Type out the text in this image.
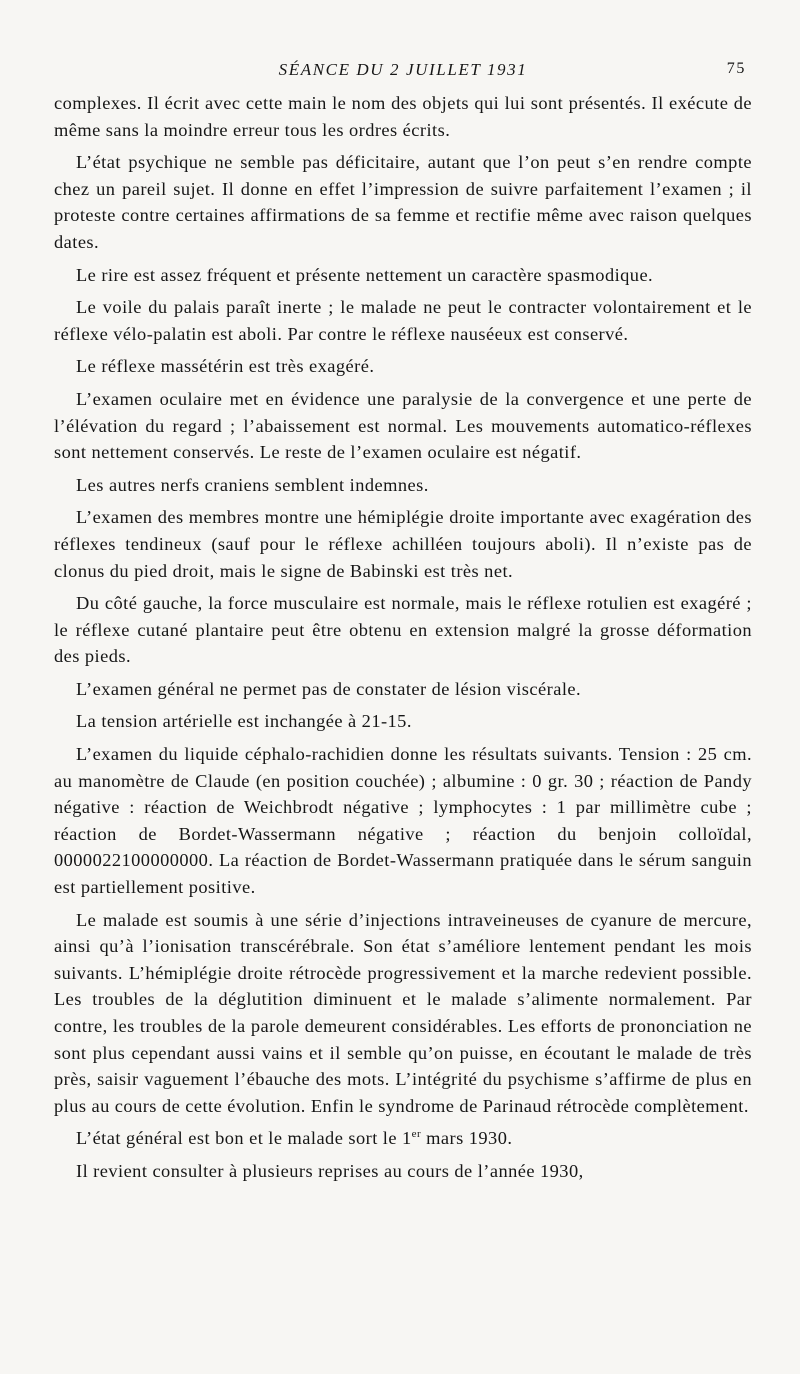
SÉANCE DU 2 JUILLET 1931	75

complexes. Il écrit avec cette main le nom des objets qui lui sont présentés. Il exécute de même sans la moindre erreur tous les ordres écrits.

L’état psychique ne semble pas déficitaire, autant que l’on peut s’en rendre compte chez un pareil sujet. Il donne en effet l’impression de suivre parfaitement l’examen ; il proteste contre certaines affirmations de sa femme et rectifie même avec raison quelques dates.

Le rire est assez fréquent et présente nettement un caractère spasmodique.

Le voile du palais paraît inerte ; le malade ne peut le contracter volontairement et le réflexe vélo-palatin est aboli. Par contre le réflexe nauséeux est conservé.

Le réflexe massétérin est très exagéré.

L’examen oculaire met en évidence une paralysie de la convergence et une perte de l’élévation du regard ; l’abaissement est normal. Les mouvements automatico-réflexes sont nettement conservés. Le reste de l’examen oculaire est négatif.

Les autres nerfs craniens semblent indemnes.

L’examen des membres montre une hémiplégie droite importante avec exagération des réflexes tendineux (sauf pour le réflexe achilléen toujours aboli). Il n’existe pas de clonus du pied droit, mais le signe de Babinski est très net.

Du côté gauche, la force musculaire est normale, mais le réflexe rotulien est exagéré ; le réflexe cutané plantaire peut être obtenu en extension malgré la grosse déformation des pieds.

L’examen général ne permet pas de constater de lésion viscérale.

La tension artérielle est inchangée à 21-15.

L’examen du liquide céphalo-rachidien donne les résultats suivants. Tension : 25 cm. au manomètre de Claude (en position couchée) ; albumine : 0 gr. 30 ; réaction de Pandy négative : réaction de Weichbrodt négative ; lymphocytes : 1 par millimètre cube ; réaction de Bordet-Wassermann négative ; réaction du benjoin colloïdal, 0000022100000000. La réaction de Bordet-Wassermann pratiquée dans le sérum sanguin est partiellement positive.

Le malade est soumis à une série d’injections intraveineuses de cyanure de mercure, ainsi qu’à l’ionisation transcérébrale. Son état s’améliore lentement pendant les mois suivants. L’hémiplégie droite rétrocède progressivement et la marche redevient possible. Les troubles de la déglutition diminuent et le malade s’alimente normalement. Par contre, les troubles de la parole demeurent considérables. Les efforts de prononciation ne sont plus cependant aussi vains et il semble qu’on puisse, en écoutant le malade de très près, saisir vaguement l’ébauche des mots. L’intégrité du psychisme s’affirme de plus en plus au cours de cette évolution. Enfin le syndrome de Parinaud rétrocède complètement.

L’état général est bon et le malade sort le 1er mars 1930.

Il revient consulter à plusieurs reprises au cours de l’année 1930,
